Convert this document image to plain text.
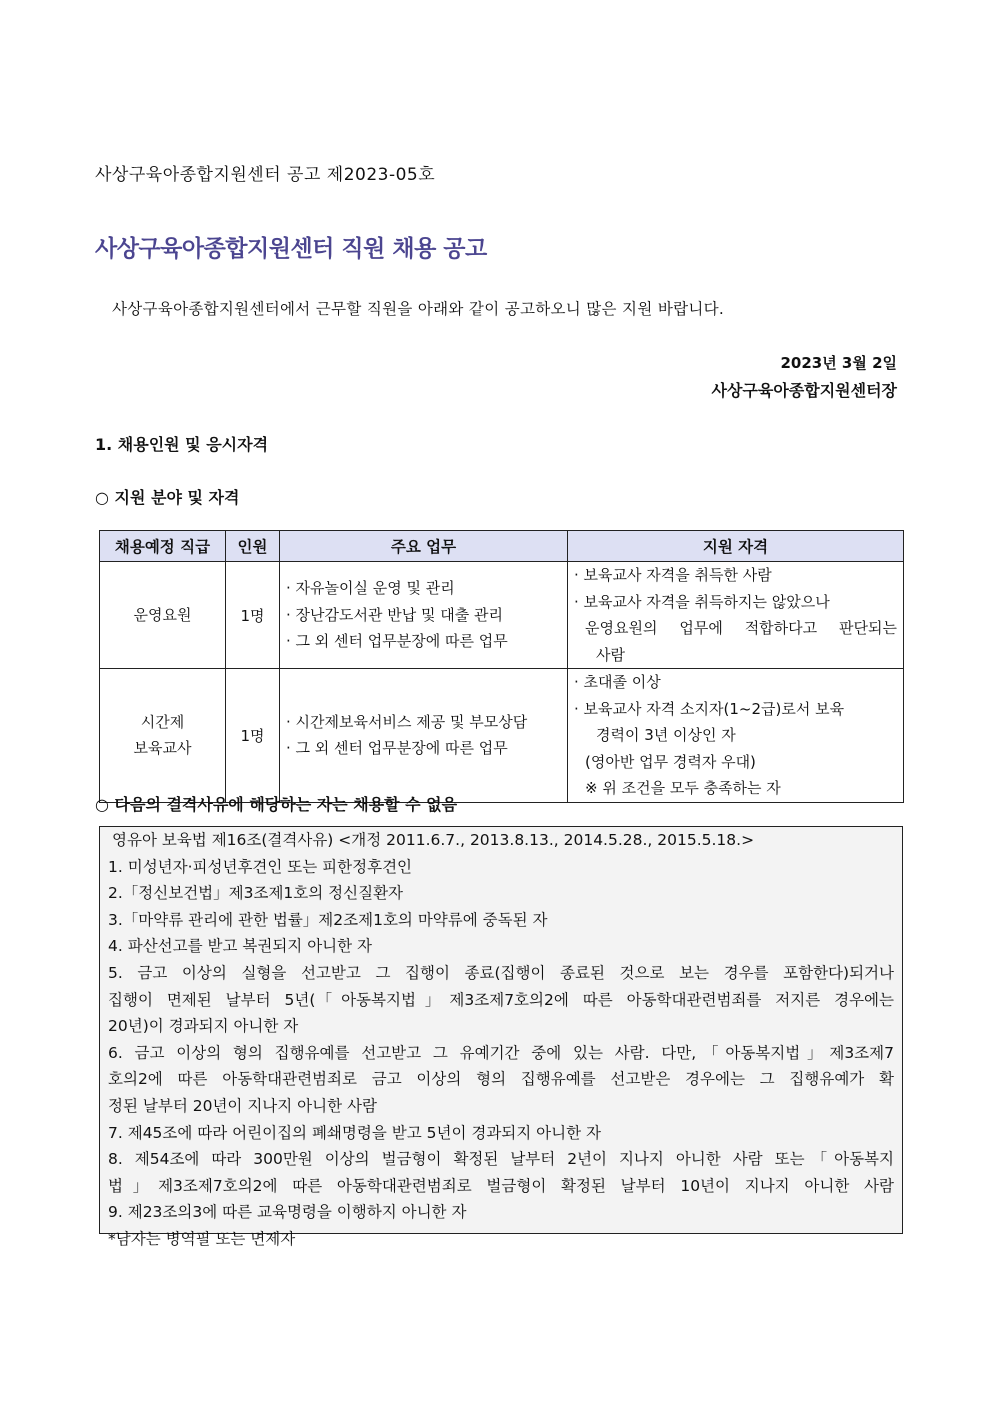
사상구육아종합지원센터 공고 제2023-05호
사상구육아종합지원센터 직원 채용 공고
사상구육아종합지원센터에서 근무할 직원을 아래와 같이 공고하오니 많은 지원 바랍니다.
2023년 3월 2일
사상구육아종합지원센터장
1. 채용인원 및 응시자격
○ 지원 분야 및 자격
채용예정 직급	인원	주요 업무	지원 자격

운영요원	1명	· 자유놀이실 운영 및 관리
· 장난감도서관 반납 및 대출 관리
· 그 외 센터 업무분장에 따른 업무	· 보육교사 자격을 취득한 사람
· 보육교사 자격을 취득하지는 않았으나
운영요원의 업무에 적합하다고 판단되는
사람

시간제
보육교사	1명	· 시간제보육서비스 제공 및 부모상담
· 그 외 센터 업무분장에 따른 업무	· 초대졸 이상
· 보육교사 자격 소지자(1~2급)로서 보육
경력이 3년 이상인 자
(영아반 업무 경력자 우대)
※ 위 조건을 모두 충족하는 자
○ 다음의 결격사유에 해당하는 자는 채용할 수 없음
영유아 보육법 제16조(결격사유) <개정 2011.6.7., 2013.8.13., 2014.5.28., 2015.5.18.>
1. 미성년자·피성년후견인 또는 피한정후견인
2.「정신보건법」제3조제1호의 정신질환자
3.「마약류 관리에 관한 법률」제2조제1호의 마약류에 중독된 자
4. 파산선고를 받고 복권되지 아니한 자
5. 금고 이상의 실형을 선고받고 그 집행이 종료(집행이 종료된 것으로 보는 경우를 포함한다)되거나
집행이 면제된 날부터 5년(「아동복지법」제3조제7호의2에 따른 아동학대관련범죄를 저지른 경우에는
20년)이 경과되지 아니한 자
6. 금고 이상의 형의 집행유예를 선고받고 그 유예기간 중에 있는 사람. 다만,「아동복지법」제3조제7
호의2에 따른 아동학대관련범죄로 금고 이상의 형의 집행유예를 선고받은 경우에는 그 집행유예가 확
정된 날부터 20년이 지나지 아니한 사람
7. 제45조에 따라 어린이집의 폐쇄명령을 받고 5년이 경과되지 아니한 자
8. 제54조에 따라 300만원 이상의 벌금형이 확정된 날부터 2년이 지나지 아니한 사람 또는「아동복지
법」제3조제7호의2에 따른 아동학대관련범죄로 벌금형이 확정된 날부터 10년이 지나지 아니한 사람
9. 제23조의3에 따른 교육명령을 이행하지 아니한 자
*남자는 병역필 또는 면제자
